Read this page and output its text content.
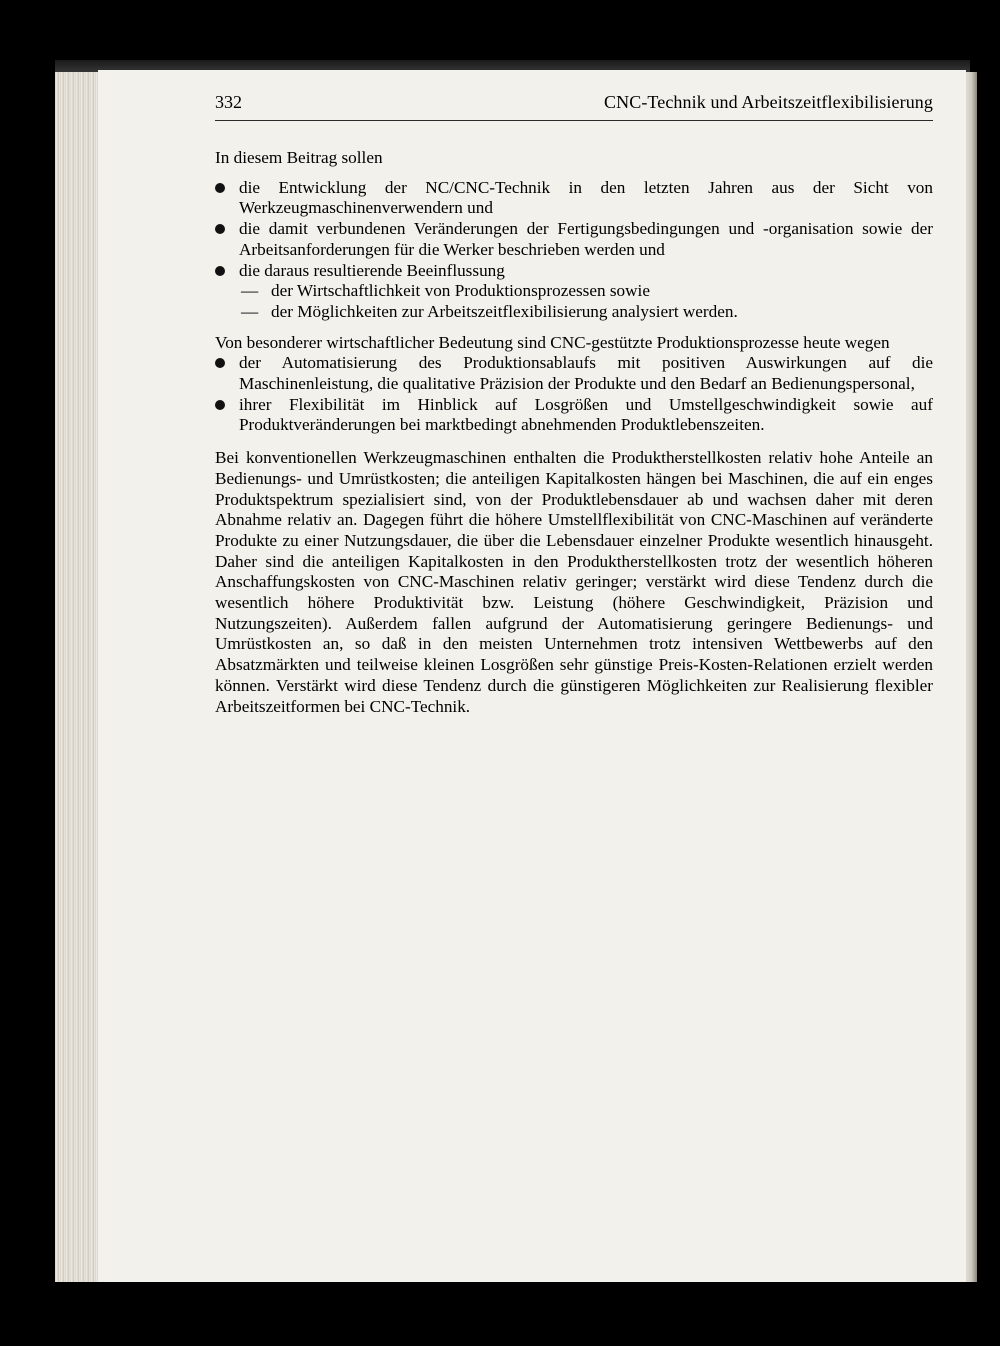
332	CNC-Technik und Arbeitszeitflexibilisierung

In diesem Beitrag sollen

die Entwicklung der NC/CNC-Technik in den letzten Jahren aus der Sicht von Werkzeugmaschinenverwendern und
die damit verbundenen Veränderungen der Fertigungsbedingungen und -organisation sowie der Arbeitsanforderungen für die Werker beschrieben werden und
die daraus resultierende Beeinflussung
— der Wirtschaftlichkeit von Produktionsprozessen sowie
— der Möglichkeiten zur Arbeitszeitflexibilisierung analysiert werden.

Von besonderer wirtschaftlicher Bedeutung sind CNC-gestützte Produktionsprozesse heute wegen

der Automatisierung des Produktionsablaufs mit positiven Auswirkungen auf die Maschinenleistung, die qualitative Präzision der Produkte und den Bedarf an Bedienungspersonal,
ihrer Flexibilität im Hinblick auf Losgrößen und Umstellgeschwindigkeit sowie auf Produktveränderungen bei marktbedingt abnehmenden Produktlebenszeiten.

Bei konventionellen Werkzeugmaschinen enthalten die Produktherstellkosten relativ hohe Anteile an Bedienungs- und Umrüstkosten; die anteiligen Kapitalkosten hängen bei Maschinen, die auf ein enges Produktspektrum spezialisiert sind, von der Produktlebensdauer ab und wachsen daher mit deren Abnahme relativ an. Dagegen führt die höhere Umstellflexibilität von CNC-Maschinen auf veränderte Produkte zu einer Nutzungsdauer, die über die Lebensdauer einzelner Produkte wesentlich hinausgeht. Daher sind die anteiligen Kapitalkosten in den Produktherstellkosten trotz der wesentlich höheren Anschaffungskosten von CNC-Maschinen relativ geringer; verstärkt wird diese Tendenz durch die wesentlich höhere Produktivität bzw. Leistung (höhere Geschwindigkeit, Präzision und Nutzungszeiten). Außerdem fallen aufgrund der Automatisierung geringere Bedienungs- und Umrüstkosten an, so daß in den meisten Unternehmen trotz intensiven Wettbewerbs auf den Absatzmärkten und teilweise kleinen Losgrößen sehr günstige Preis-Kosten-Relationen erzielt werden können. Verstärkt wird diese Tendenz durch die günstigeren Möglichkeiten zur Realisierung flexibler Arbeitszeitformen bei CNC-Technik.
